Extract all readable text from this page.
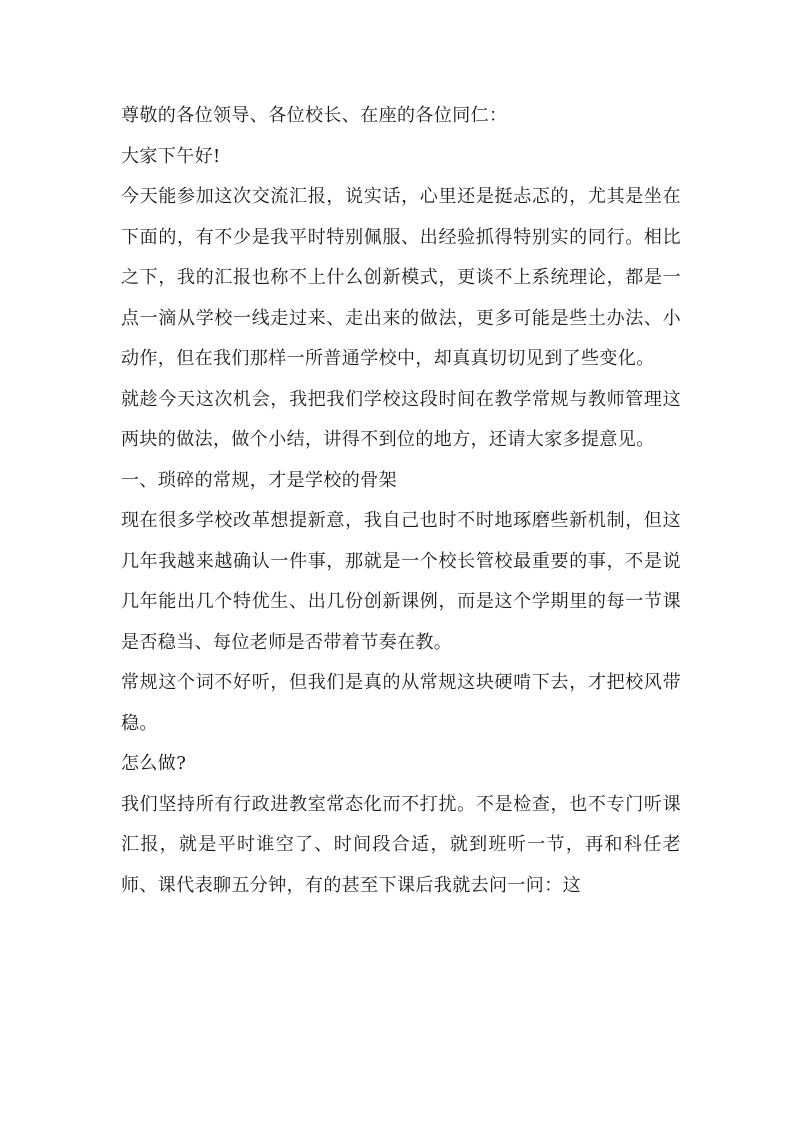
尊敬的各位领导、各位校长、在座的各位同仁：

大家下午好!

今天能参加这次交流汇报，说实话，心里还是挺忐忑的，尤其是坐在下面的，有不少是我平时特别佩服、出经验抓得特别实的同行。相比之下，我的汇报也称不上什么创新模式，更谈不上系统理论，都是一点一滴从学校一线走过来、走出来的做法，更多可能是些土办法、小动作，但在我们那样一所普通学校中，却真真切切见到了些变化。

就趁今天这次机会，我把我们学校这段时间在教学常规与教师管理这两块的做法，做个小结，讲得不到位的地方，还请大家多提意见。

一、琐碎的常规，才是学校的骨架

现在很多学校改革想提新意，我自己也时不时地琢磨些新机制，但这几年我越来越确认一件事，那就是一个校长管校最重要的事，不是说几年能出几个特优生、出几份创新课例，而是这个学期里的每一节课是否稳当、每位老师是否带着节奏在教。

常规这个词不好听，但我们是真的从常规这块硬啃下去，才把校风带稳。

怎么做?

我们坚持所有行政进教室常态化而不打扰。不是检查，也不专门听课汇报，就是平时谁空了、时间段合适，就到班听一节，再和科任老师、课代表聊五分钟，有的甚至下课后我就去问一问：这
